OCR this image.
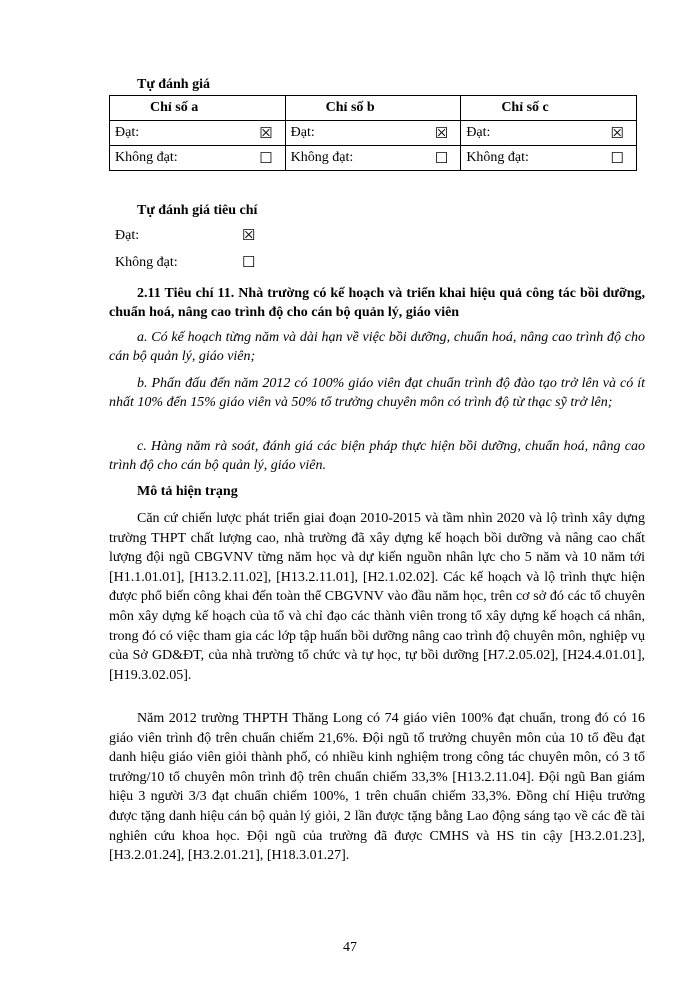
Tự đánh giá
Chỉ số a		Chỉ số b		Chỉ số c	
Đạt:	☒	Đạt:	☒	Đạt:	☒
Không đạt:	☐	Không đạt:	☐	Không đạt:	☐
Tự đánh giá tiêu chí
Đạt:	☒
Không đạt:	☐
2.11 Tiêu chí 11. Nhà trường có kế hoạch và triển khai hiệu quả công tác bồi dưỡng, chuẩn hoá, nâng cao trình độ cho cán bộ quản lý, giáo viên
a. Có kế hoạch từng năm và dài hạn về việc bồi dưỡng, chuẩn hoá, nâng cao trình độ cho cán bộ quản lý, giáo viên;
b. Phấn đấu đến năm 2012 có 100% giáo viên đạt chuẩn trình độ đào tạo trở lên và có ít nhất 10% đến 15% giáo viên và 50% tổ trưởng chuyên môn có trình độ từ thạc sỹ trở lên;
c. Hàng năm rà soát, đánh giá các biện pháp thực hiện bồi dưỡng, chuẩn hoá, nâng cao trình độ cho cán bộ quản lý, giáo viên.
Mô tả hiện trạng
Căn cứ chiến lược phát triển giai đoạn 2010-2015 và tầm nhìn 2020 và lộ trình xây dựng trường THPT chất lượng cao, nhà trường đã xây dựng kế hoạch bồi dưỡng và nâng cao chất lượng đội ngũ CBGVNV từng năm học và dự kiến nguồn nhân lực cho 5 năm và 10 năm tới [H1.1.01.01], [H13.2.11.02], [H13.2.11.01], [H2.1.02.02]. Các kế hoạch và lộ trình thực hiện được phổ biến công khai đến toàn thể CBGVNV vào đầu năm học, trên cơ sở đó các tổ chuyên môn xây dựng kế hoạch của tổ và chỉ đạo các thành viên trong tổ xây dựng kế hoạch cá nhân, trong đó có việc tham gia các lớp tập huấn bồi dưỡng nâng cao trình độ chuyên môn, nghiệp vụ của Sở GD&ĐT, của nhà trường tổ chức và tự học, tự bồi dưỡng [H7.2.05.02], [H24.4.01.01], [H19.3.02.05].
Năm 2012 trường THPTH Thăng Long có 74 giáo viên 100% đạt chuẩn, trong đó có 16 giáo viên trình độ trên chuẩn chiếm 21,6%. Đội ngũ tổ trưởng chuyên môn của 10 tổ đều đạt danh hiệu giáo viên giỏi thành phố, có nhiều kinh nghiệm trong công tác chuyên môn, có 3 tổ trưởng/10 tổ chuyên môn trình độ trên chuẩn chiếm 33,3% [H13.2.11.04]. Đội ngũ Ban giám hiệu 3 người 3/3 đạt chuẩn chiếm 100%, 1 trên chuẩn chiếm 33,3%. Đồng chí Hiệu trưởng được tặng danh hiệu cán bộ quản lý giỏi, 2 lần được tặng bằng Lao động sáng tạo về các đề tài nghiên cứu khoa học. Đội ngũ của trường đã được CMHS và HS tin cậy [H3.2.01.23], [H3.2.01.24], [H3.2.01.21], [H18.3.01.27].
47
